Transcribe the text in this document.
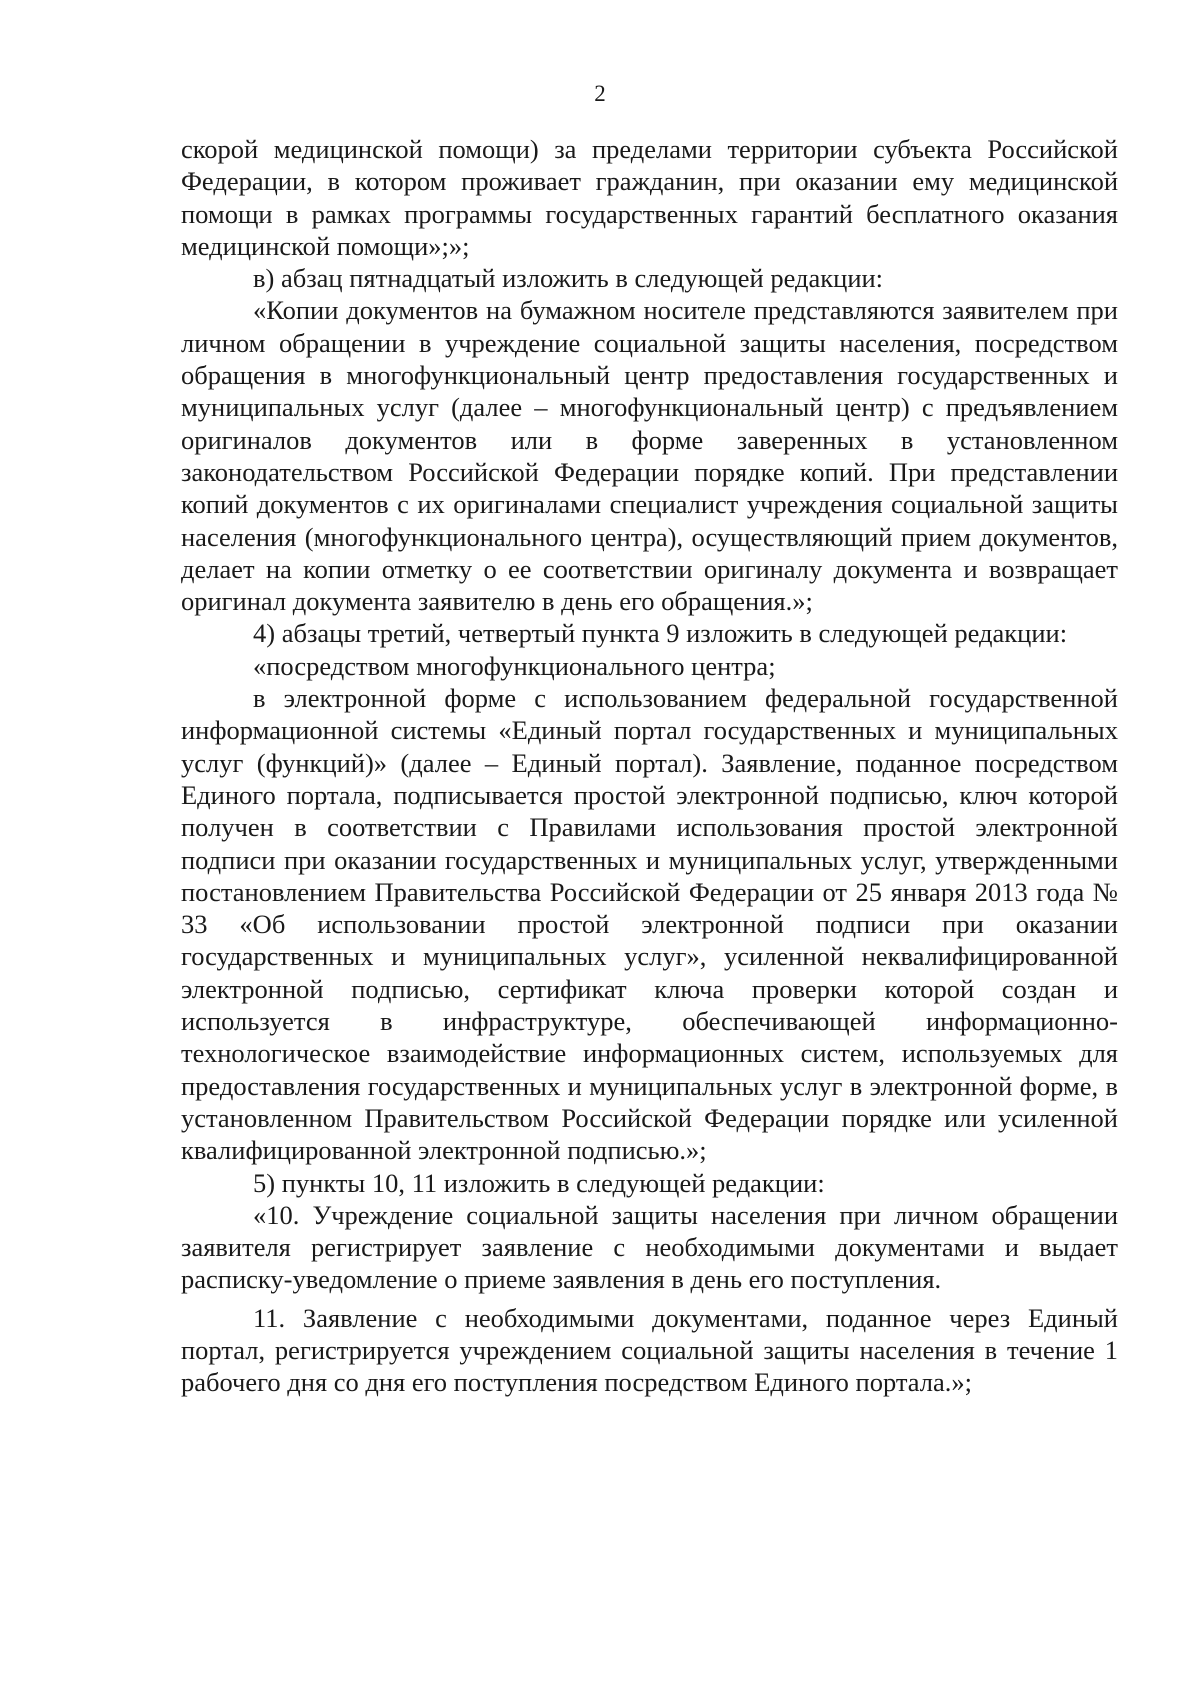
2

скорой медицинской помощи) за пределами территории субъекта Российской Федерации, в котором проживает гражданин, при оказании ему медицинской помощи в рамках программы государственных гарантий бесплатного оказания медицинской помощи»;»;

в) абзац пятнадцатый изложить в следующей редакции:

«Копии документов на бумажном носителе представляются заявителем при личном обращении в учреждение социальной защиты населения, посредством обращения в многофункциональный центр предоставления государственных и муниципальных услуг (далее – многофункциональный центр) с предъявлением оригиналов документов или в форме заверенных в установленном законодательством Российской Федерации порядке копий. При представлении копий документов с их оригиналами специалист учреждения социальной защиты населения (многофункционального центра), осуществляющий прием документов, делает на копии отметку о ее соответствии оригиналу документа и возвращает оригинал документа заявителю в день его обращения.»;

4) абзацы третий, четвертый пункта 9 изложить в следующей редакции:

«посредством многофункционального центра;

в электронной форме с использованием федеральной государственной информационной системы «Единый портал государственных и муниципальных услуг (функций)» (далее – Единый портал). Заявление, поданное посредством Единого портала, подписывается простой электронной подписью, ключ которой получен в соответствии с Правилами использования простой электронной подписи при оказании государственных и муниципальных услуг, утвержденными постановлением Правительства Российской Федерации от 25 января 2013 года № 33 «Об использовании простой электронной подписи при оказании государственных и муниципальных услуг», усиленной неквалифицированной электронной подписью, сертификат ключа проверки которой создан и используется в инфраструктуре, обеспечивающей информационно-технологическое взаимодействие информационных систем, используемых для предоставления государственных и муниципальных услуг в электронной форме, в установленном Правительством Российской Федерации порядке или усиленной квалифицированной электронной подписью.»;

5) пункты 10, 11 изложить в следующей редакции:

«10. Учреждение социальной защиты населения при личном обращении заявителя регистрирует заявление с необходимыми документами и выдает расписку-уведомление о приеме заявления в день его поступления.

11. Заявление с необходимыми документами, поданное через Единый портал, регистрируется учреждением социальной защиты населения в течение 1 рабочего дня со дня его поступления посредством Единого портала.»;
